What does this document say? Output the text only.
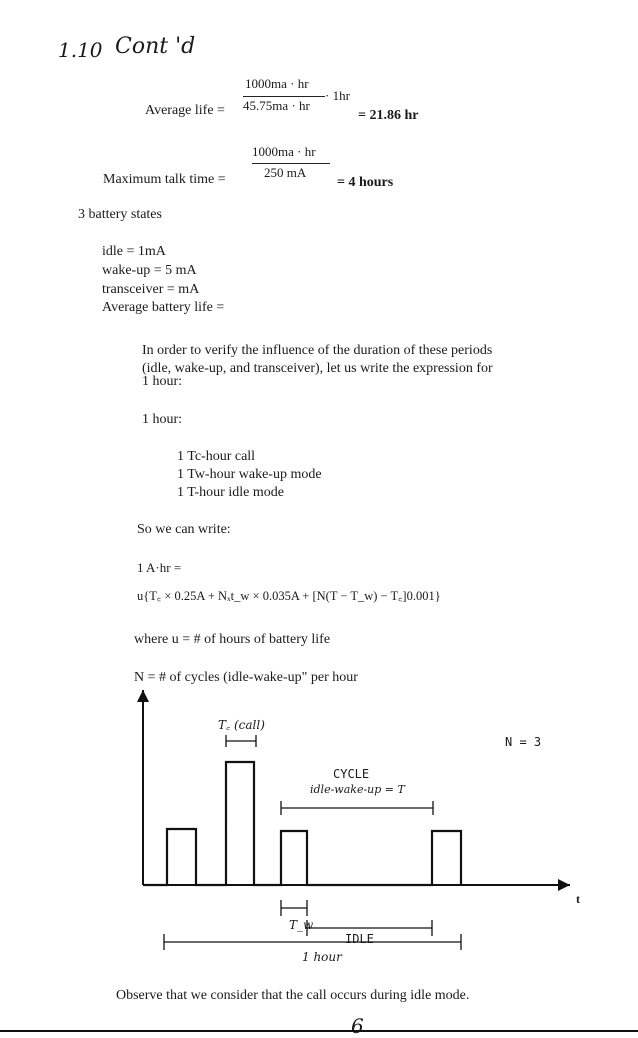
1.10 Cont 'd
Average life =
1000ma · hr
45.75ma · hr
· 1hr
= 21.86 hr
Maximum talk time =
1000ma · hr
250 mA
= 4 hours
3 battery states
idle = 1mA
wake-up = 5 mA
transceiver = mA
Average battery life =
In order to verify the influence of the duration of these periods
(idle, wake-up, and transceiver), let us write the expression for
1 hour:
1 hour:
1 Tc-hour call
1 Tw-hour wake-up mode
1 T-hour idle mode
So we can write:
1 A·hr =
u{T꜀ × 0.25A + Nₓt_w × 0.035A + [N(T − T_w) − T꜀]0.001}
where u = # of hours of battery life
N = # of cycles (idle-wake-up" per hour
T꜀ (call)
N = 3
CYCLE
idle-wake-up = T
T_w
IDLE
1 hour
t
Observe that we consider that the call occurs during idle mode.
6
